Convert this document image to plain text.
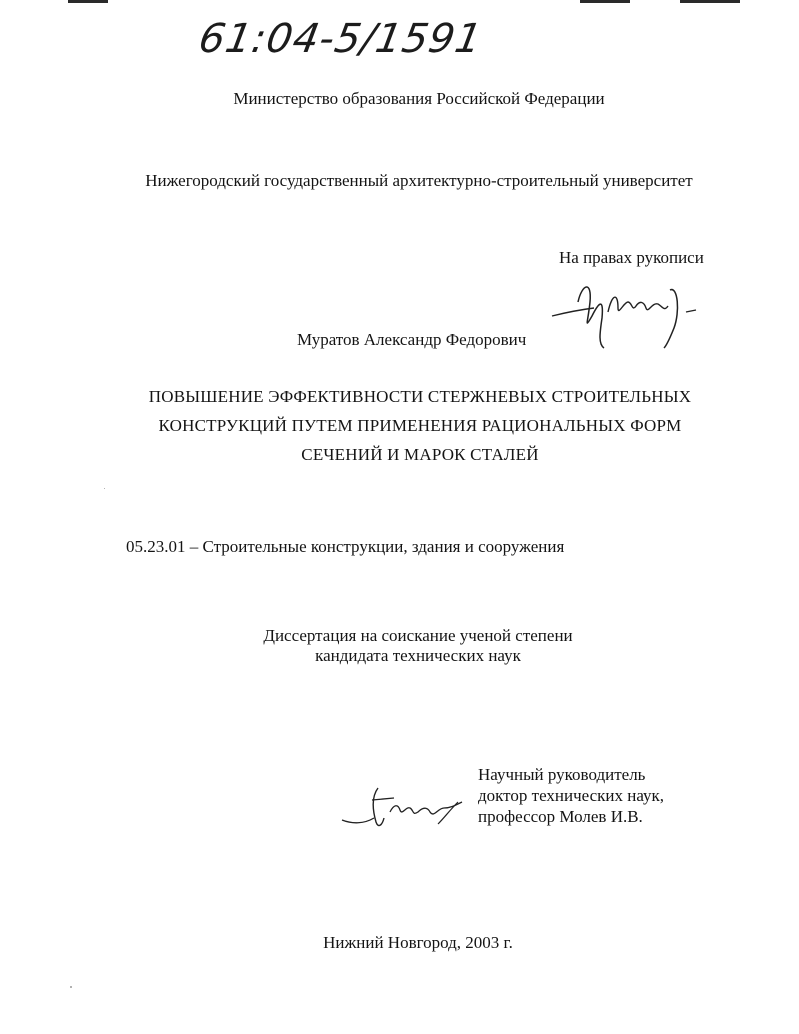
61:04-5/1591
Министерство образования Российской Федерации
Нижегородский государственный архитектурно-строительный университет
На правах рукописи
Муратов Александр Федорович
ПОВЫШЕНИЕ ЭФФЕКТИВНОСТИ СТЕРЖНЕВЫХ СТРОИТЕЛЬНЫХ
КОНСТРУКЦИЙ ПУТЕМ ПРИМЕНЕНИЯ РАЦИОНАЛЬНЫХ ФОРМ
СЕЧЕНИЙ И МАРОК СТАЛЕЙ
05.23.01 – Строительные конструкции, здания и сооружения
Диссертация на соискание ученой степени
кандидата технических наук
Научный руководитель
доктор технических наук,
профессор Молев И.В.
Нижний Новгород, 2003 г.
